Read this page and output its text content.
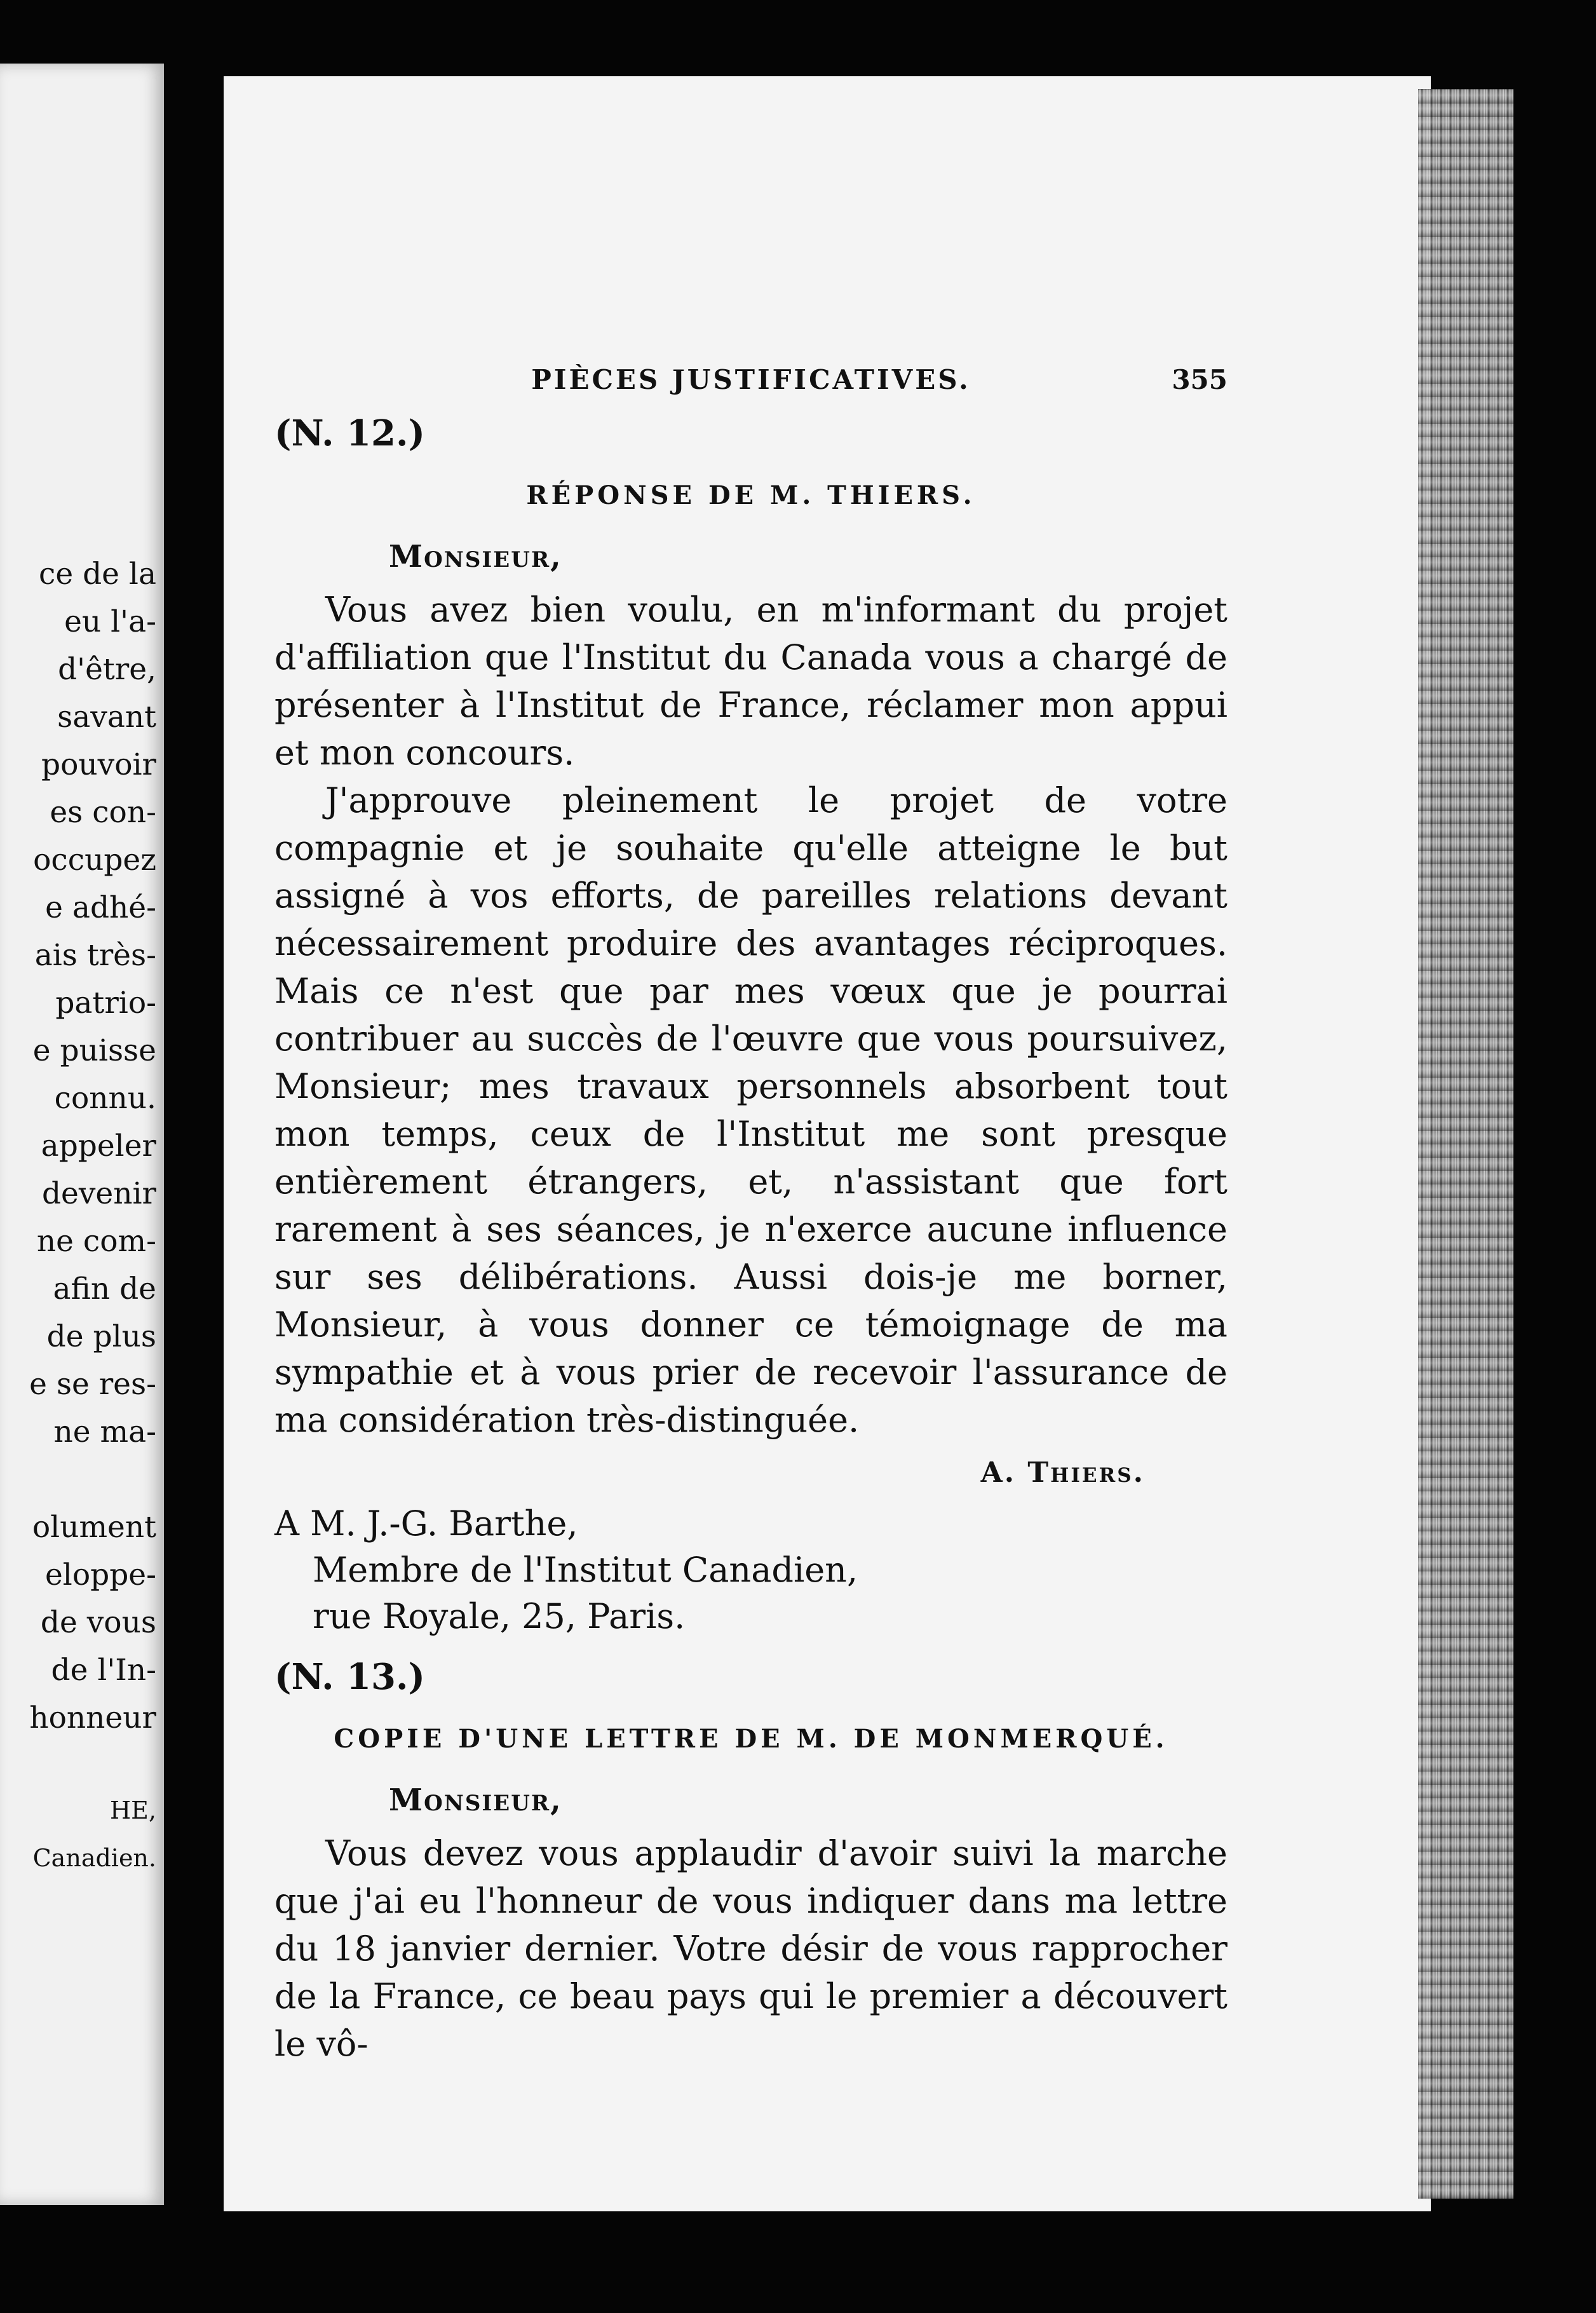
ce de la
eu l'a-
d'être,
savant
pouvoir
es con-
occupez
e adhé-
ais très-
patrio-
e puisse
connu.
appeler
devenir
ne com-
afin de
de plus
e se res-
ne ma-
olument
eloppe-
de vous
de l'In-
honneur
HE,
Canadien.
PIÈCES JUSTIFICATIVES.	355
(N. 12.)
RÉPONSE DE M. THIERS.
Monsieur,

Vous avez bien voulu, en m'informant du projet d'affiliation que l'Institut du Canada vous a chargé de présenter à l'Institut de France, réclamer mon appui et mon concours.

J'approuve pleinement le projet de votre compagnie et je souhaite qu'elle atteigne le but assigné à vos efforts, de pareilles relations devant nécessairement produire des avantages réciproques. Mais ce n'est que par mes vœux que je pourrai contribuer au succès de l'œuvre que vous poursuivez, Monsieur; mes travaux personnels absorbent tout mon temps, ceux de l'Institut me sont presque entièrement étrangers, et, n'assistant que fort rarement à ses séances, je n'exerce aucune influence sur ses délibérations. Aussi dois-je me borner, Monsieur, à vous donner ce témoignage de ma sympathie et à vous prier de recevoir l'assurance de ma considération très-distinguée.

A. Thiers.
A M. J.-G. Barthe,
Membre de l'Institut Canadien,
rue Royale, 25, Paris.
(N. 13.)
COPIE D'UNE LETTRE DE M. DE MONMERQUÉ.
Monsieur,

Vous devez vous applaudir d'avoir suivi la marche que j'ai eu l'honneur de vous indiquer dans ma lettre du 18 janvier dernier. Votre désir de vous rapprocher de la France, ce beau pays qui le premier a découvert le vô-
